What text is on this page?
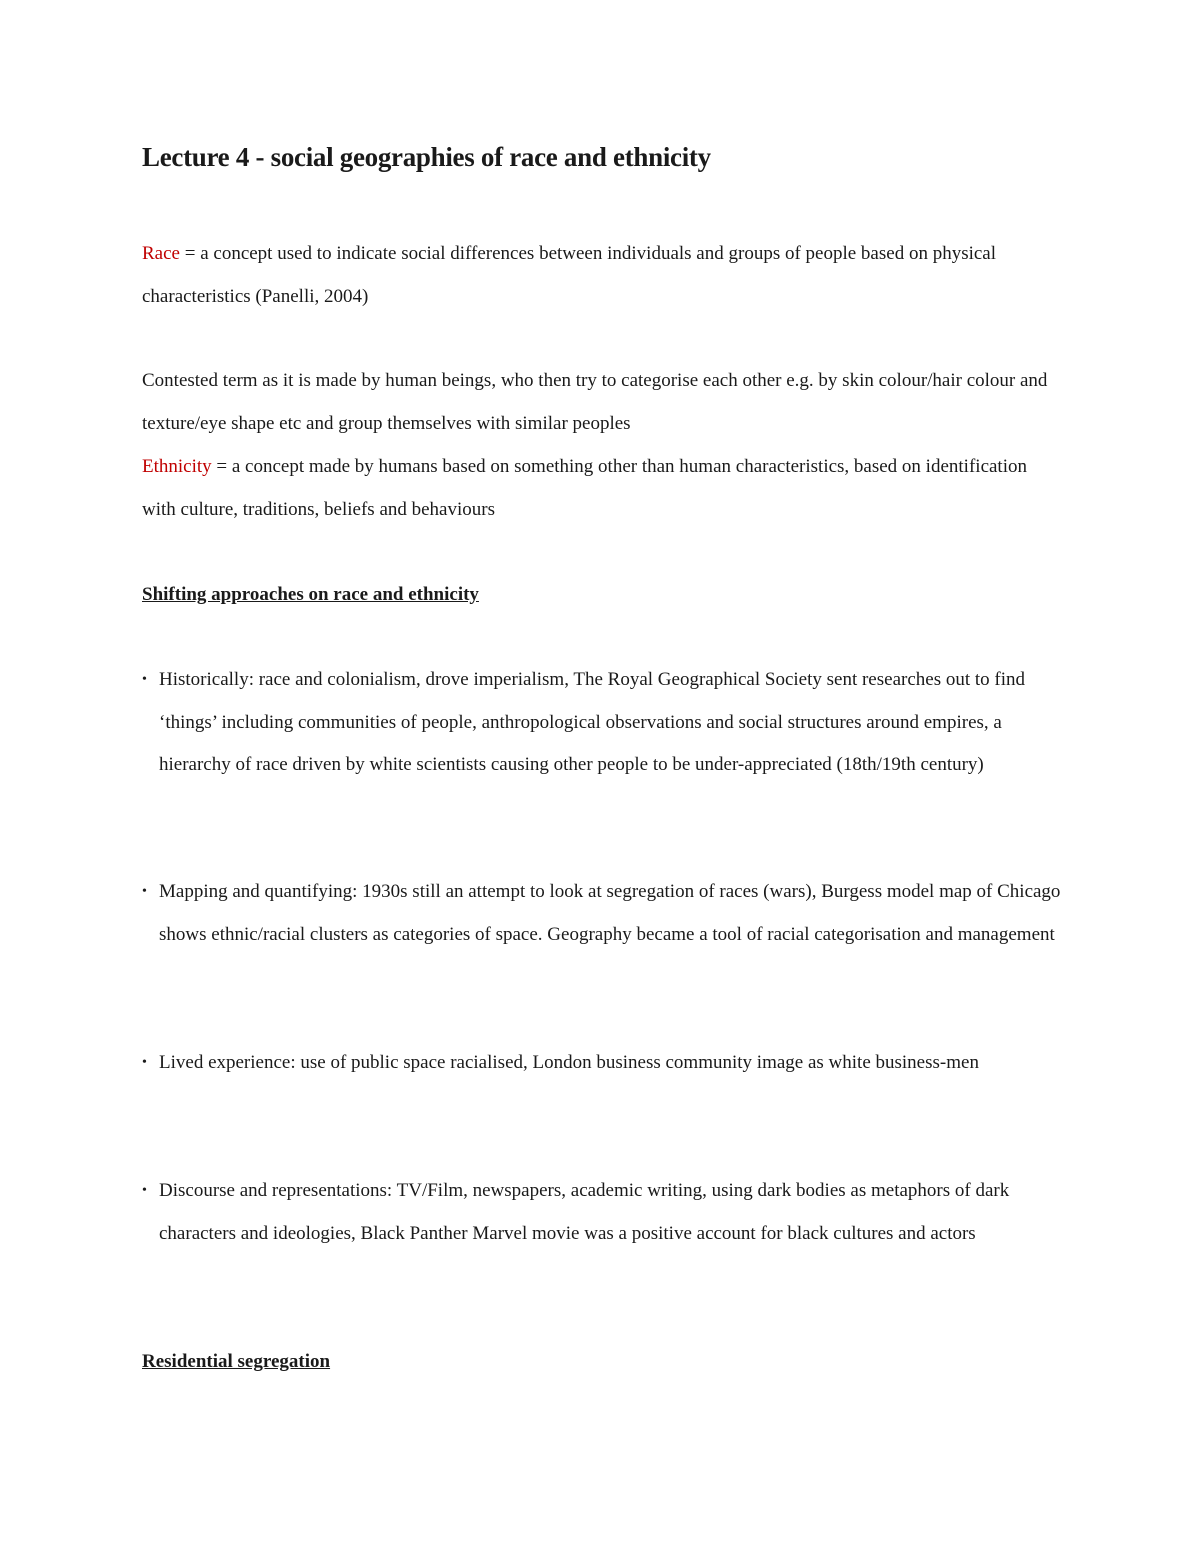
Lecture 4 - social geographies of race and ethnicity
Race = a concept used to indicate social differences between individuals and groups of people based on physical characteristics (Panelli, 2004)
Contested term as it is made by human beings, who then try to categorise each other e.g. by skin colour/hair colour and texture/eye shape etc and group themselves with similar peoples
Ethnicity = a concept made by humans based on something other than human characteristics, based on identification with culture, traditions, beliefs and behaviours
Shifting approaches on race and ethnicity
• Historically: race and colonialism, drove imperialism, The Royal Geographical Society sent researches out to find ‘things’ including communities of people, anthropological observations and social structures around empires, a hierarchy of race driven by white scientists causing other people to be under-appreciated (18th/19th century)
• Mapping and quantifying: 1930s still an attempt to look at segregation of races (wars), Burgess model map of Chicago shows ethnic/racial clusters as categories of space. Geography became a tool of racial categorisation and management
• Lived experience: use of public space racialised, London business community image as white business-men
• Discourse and representations: TV/Film, newspapers, academic writing, using dark bodies as metaphors of dark characters and ideologies, Black Panther Marvel movie was a positive account for black cultures and actors
Residential segregation
